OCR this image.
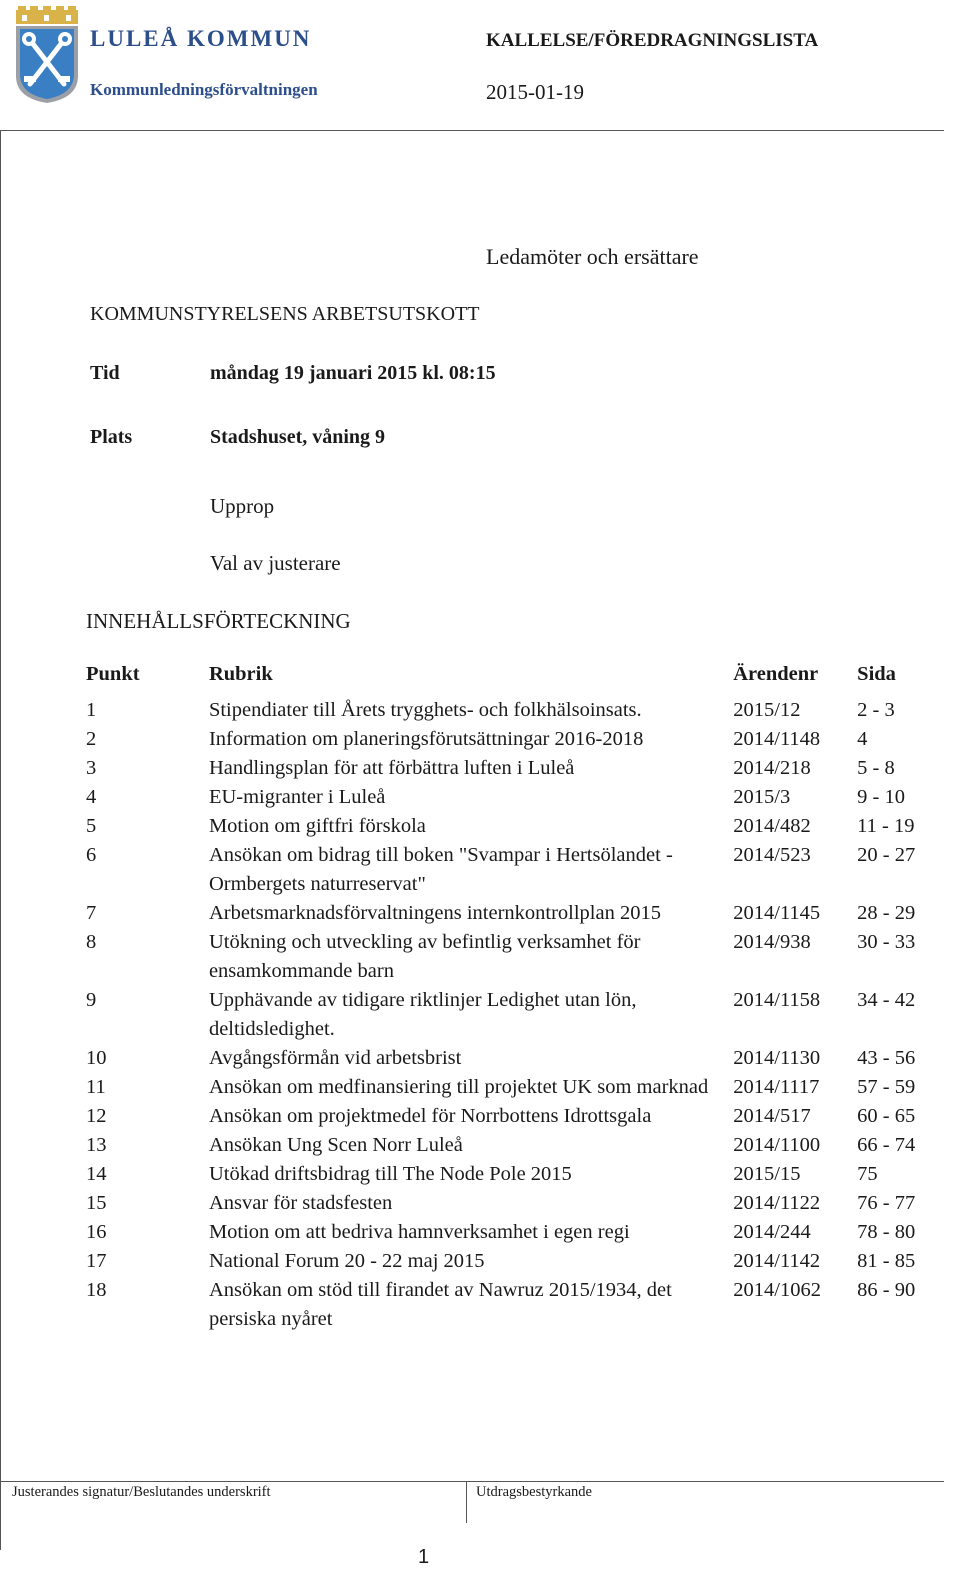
LULEÅ KOMMUN
Kommunledningsförvaltningen
KALLELSE/FÖREDRAGNINGSLISTA
2015-01-19
Ledamöter och ersättare
KOMMUNSTYRELSENS ARBETSUTSKOTT
Tid	måndag 19 januari 2015 kl. 08:15
Plats	Stadshuset, våning 9
Upprop
Val av justerare
INNEHÅLLSFÖRTECKNING
Punkt	Rubrik	Ärendenr	Sida
1	Stipendiater till Årets trygghets- och folkhälsoinsats.	2015/12	2 - 3
2	Information om planeringsförutsättningar 2016-2018	2014/1148	4
3	Handlingsplan för att förbättra luften i Luleå	2014/218	5 - 8
4	EU-migranter i Luleå	2015/3	9 - 10
5	Motion om giftfri förskola	2014/482	11 - 19
6	Ansökan om bidrag till boken "Svampar i Hertsölandet - Ormbergets naturreservat"	2014/523	20 - 27
7	Arbetsmarknadsförvaltningens internkontrollplan 2015	2014/1145	28 - 29
8	Utökning och utveckling av befintlig verksamhet för ensamkommande barn	2014/938	30 - 33
9	Upphävande av tidigare riktlinjer Ledighet utan lön, deltidsledighet.	2014/1158	34 - 42
10	Avgångsförmån vid arbetsbrist	2014/1130	43 - 56
11	Ansökan om medfinansiering till projektet UK som marknad	2014/1117	57 - 59
12	Ansökan om projektmedel för Norrbottens Idrottsgala	2014/517	60 - 65
13	Ansökan Ung Scen Norr Luleå	2014/1100	66 - 74
14	Utökad driftsbidrag till The Node Pole 2015	2015/15	75
15	Ansvar för stadsfesten	2014/1122	76 - 77
16	Motion om att bedriva hamnverksamhet i egen regi	2014/244	78 - 80
17	National Forum 20 - 22 maj 2015	2014/1142	81 - 85
18	Ansökan om stöd till firandet av Nawruz 2015/1934, det persiska nyåret	2014/1062	86 - 90
Justerandes signatur/Beslutandes underskrift	Utdragsbestyrkande
1
